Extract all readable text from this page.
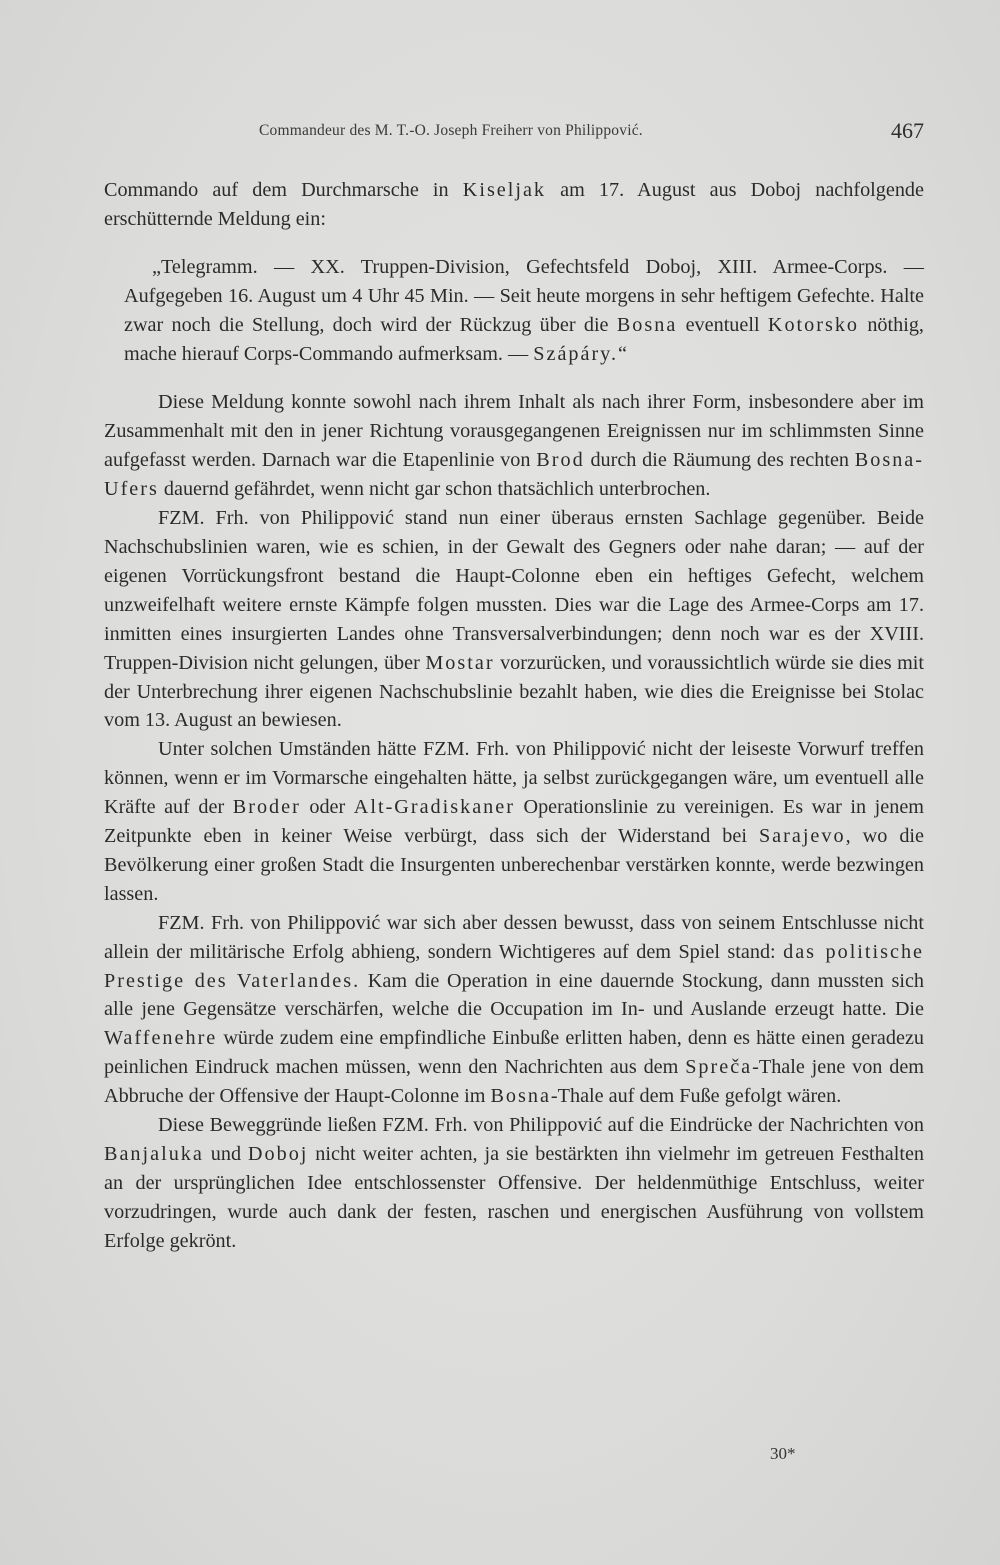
Commandeur des M. T.-O. Joseph Freiherr von Philippović.	467

Commando auf dem Durchmarsche in Kiseljak am 17. August aus Doboj nachfolgende erschütternde Meldung ein:

„Telegramm. — XX. Truppen-Division, Gefechtsfeld Doboj, XIII. Armee-Corps. — Aufgegeben 16. August um 4 Uhr 45 Min. — Seit heute morgens in sehr heftigem Gefechte. Halte zwar noch die Stellung, doch wird der Rückzug über die Bosna eventuell Kotorsko nöthig, mache hierauf Corps-Commando aufmerksam. — Szápáry.“

Diese Meldung konnte sowohl nach ihrem Inhalt als nach ihrer Form, insbesondere aber im Zusammenhalt mit den in jener Richtung vorausgegangenen Ereignissen nur im schlimmsten Sinne aufgefasst werden. Darnach war die Etapenlinie von Brod durch die Räumung des rechten Bosna-Ufers dauernd gefährdet, wenn nicht gar schon thatsächlich unterbrochen.

FZM. Frh. von Philippović stand nun einer überaus ernsten Sachlage gegenüber. Beide Nachschubslinien waren, wie es schien, in der Gewalt des Gegners oder nahe daran; — auf der eigenen Vorrückungsfront bestand die Haupt-Colonne eben ein heftiges Gefecht, welchem unzweifelhaft weitere ernste Kämpfe folgen mussten. Dies war die Lage des Armee-Corps am 17. inmitten eines insurgierten Landes ohne Transversalverbindungen; denn noch war es der XVIII. Truppen-Division nicht gelungen, über Mostar vorzurücken, und voraussichtlich würde sie dies mit der Unterbrechung ihrer eigenen Nachschubslinie bezahlt haben, wie dies die Ereignisse bei Stolac vom 13. August an bewiesen.

Unter solchen Umständen hätte FZM. Frh. von Philippović nicht der leiseste Vorwurf treffen können, wenn er im Vormarsche eingehalten hätte, ja selbst zurückgegangen wäre, um eventuell alle Kräfte auf der Broder oder Alt-Gradiskaner Operationslinie zu vereinigen. Es war in jenem Zeitpunkte eben in keiner Weise verbürgt, dass sich der Widerstand bei Sarajevo, wo die Bevölkerung einer großen Stadt die Insurgenten unberechenbar verstärken konnte, werde bezwingen lassen.

FZM. Frh. von Philippović war sich aber dessen bewusst, dass von seinem Entschlusse nicht allein der militärische Erfolg abhieng, sondern Wichtigeres auf dem Spiel stand: das politische Prestige des Vaterlandes. Kam die Operation in eine dauernde Stockung, dann mussten sich alle jene Gegensätze verschärfen, welche die Occupation im In- und Auslande erzeugt hatte. Die Waffenehre würde zudem eine empfindliche Einbuße erlitten haben, denn es hätte einen geradezu peinlichen Eindruck machen müssen, wenn den Nachrichten aus dem Spreča-Thale jene von dem Abbruche der Offensive der Haupt-Colonne im Bosna-Thale auf dem Fuße gefolgt wären.

Diese Beweggründe ließen FZM. Frh. von Philippović auf die Eindrücke der Nachrichten von Banjaluka und Doboj nicht weiter achten, ja sie bestärkten ihn vielmehr im getreuen Festhalten an der ursprünglichen Idee entschlossenster Offensive. Der heldenmüthige Entschluss, weiter vorzudringen, wurde auch dank der festen, raschen und energischen Ausführung von vollstem Erfolge gekrönt.

30*
